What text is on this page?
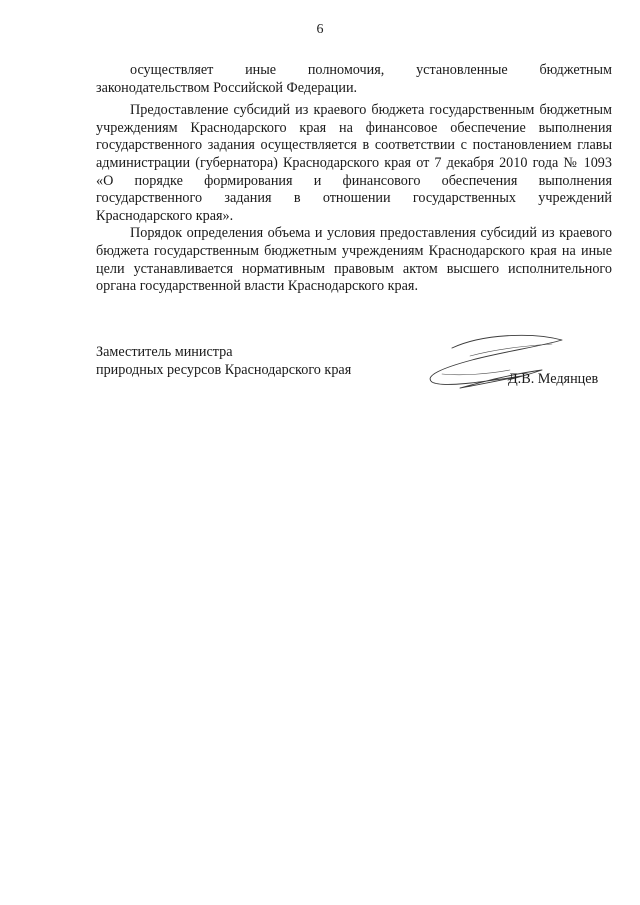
6

осуществляет иные полномочия, установленные бюджетным законодательством Российской Федерации.

Предоставление субсидий из краевого бюджета государственным бюджетным учреждениям Краснодарского края на финансовое обеспечение выполнения государственного задания осуществляется в соответствии с постановлением главы администрации (губернатора) Краснодарского края от 7 декабря 2010 года № 1093 «О порядке формирования и финансового обеспечения выполнения государственного задания в отношении государственных учреждений Краснодарского края».

Порядок определения объема и условия предоставления субсидий из краевого бюджета государственным бюджетным учреждениям Краснодарского края на иные цели устанавливается нормативным правовым актом высшего исполнительного органа государственной власти Краснодарского края.

Заместитель министра
природных ресурсов Краснодарского края
Д.В. Медянцев
